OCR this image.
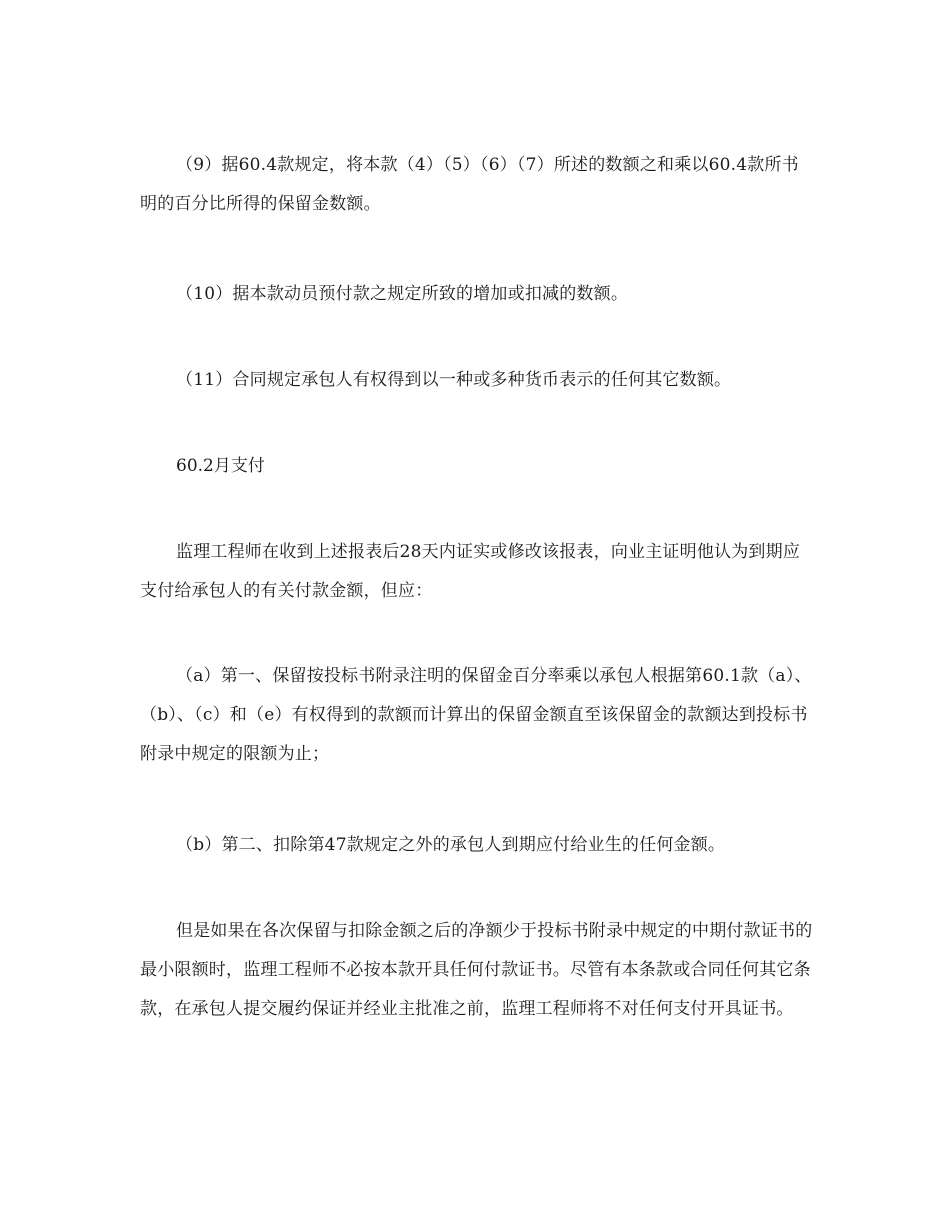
（9）据60.4款规定，将本款（4）（5）（6）（7）所述的数额之和乘以60.4款所书明的百分比所得的保留金数额。

（10）据本款动员预付款之规定所致的增加或扣减的数额。

（11）合同规定承包人有权得到以一种或多种货币表示的任何其它数额。

60.2月支付

监理工程师在收到上述报表后28天内证实或修改该报表，向业主证明他认为到期应支付给承包人的有关付款金额，但应：

（a）第一、保留按投标书附录注明的保留金百分率乘以承包人根据第60.1款（a）、（b）、（c）和（e）有权得到的款额而计算出的保留金额直至该保留金的款额达到投标书附录中规定的限额为止；

（b）第二、扣除第47款规定之外的承包人到期应付给业生的任何金额。

但是如果在各次保留与扣除金额之后的净额少于投标书附录中规定的中期付款证书的最小限额时，监理工程师不必按本款开具任何付款证书。尽管有本条款或合同任何其它条款，在承包人提交履约保证并经业主批准之前，监理工程师将不对任何支付开具证书。
